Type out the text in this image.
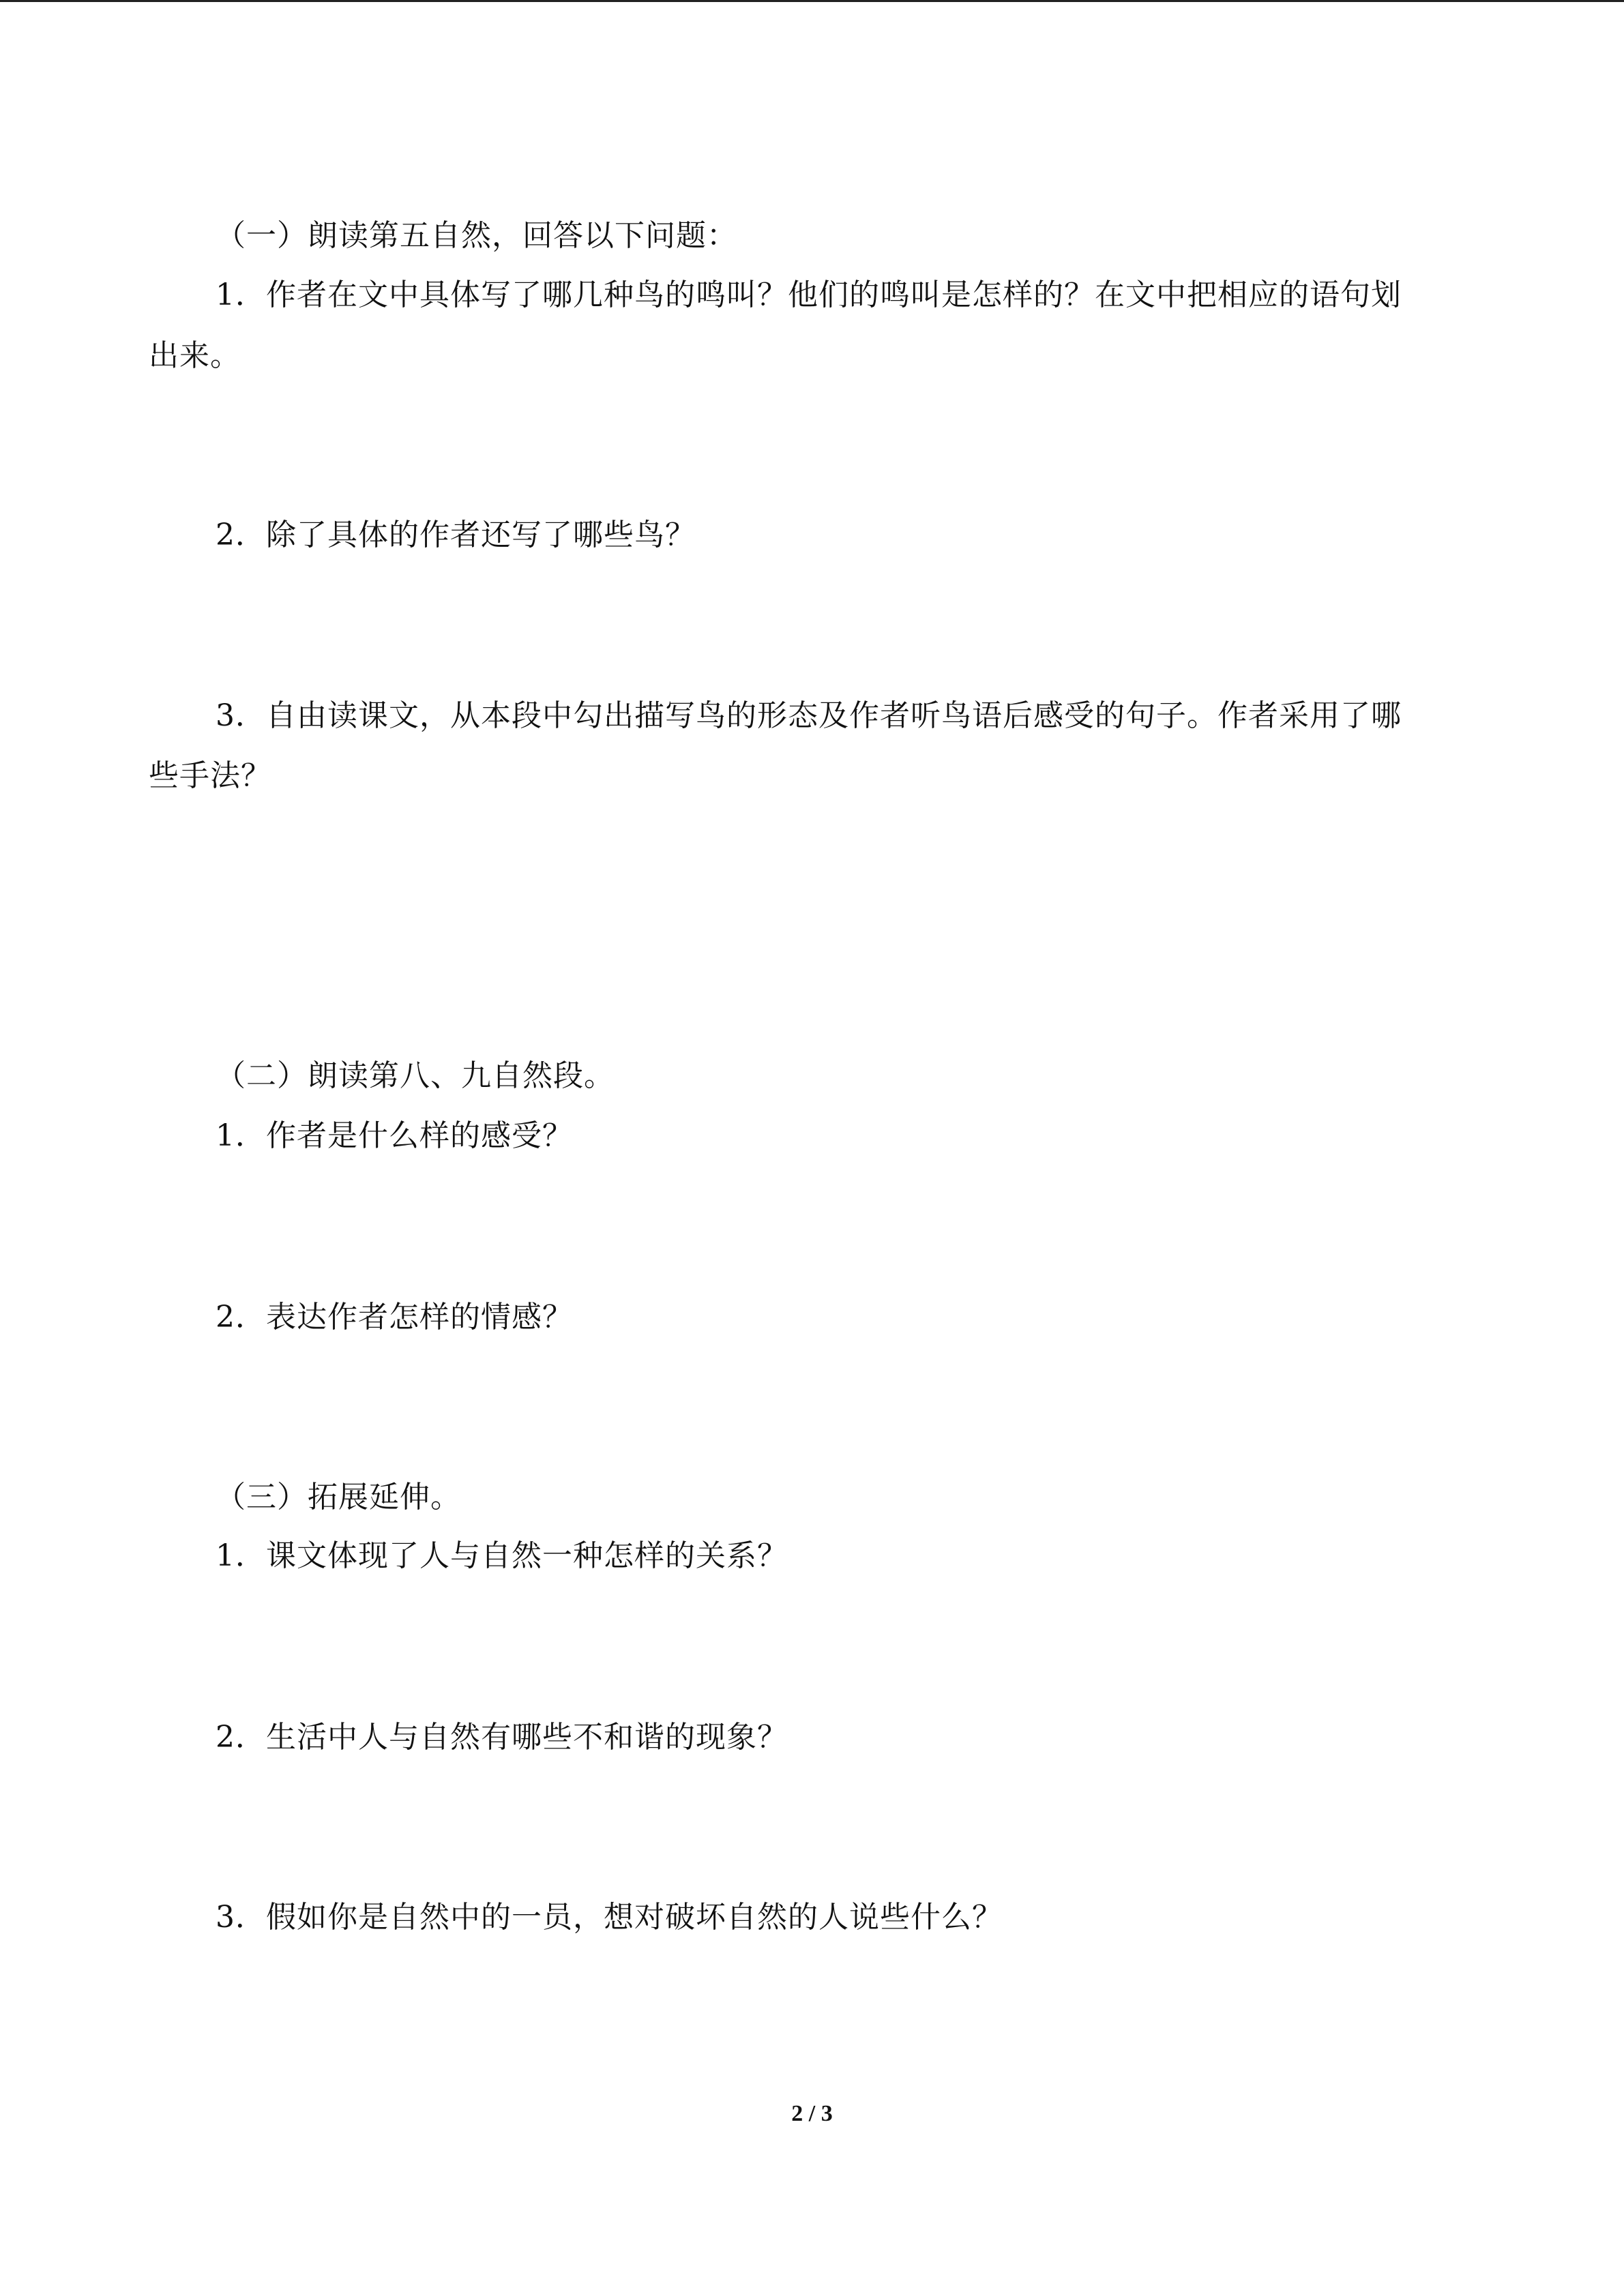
（一）朗读第五自然，回答以下问题：
1．作者在文中具体写了哪几种鸟的鸣叫？他们的鸣叫是怎样的？在文中把相应的语句划
出来。
2．除了具体的作者还写了哪些鸟？
3．自由读课文，从本段中勾出描写鸟的形态及作者听鸟语后感受的句子。作者采用了哪
些手法？
（二）朗读第八、九自然段。
1．作者是什么样的感受？
2．表达作者怎样的情感？
（三）拓展延伸。
1．课文体现了人与自然一种怎样的关系？
2．生活中人与自然有哪些不和谐的现象？
3．假如你是自然中的一员，想对破坏自然的人说些什么？
2 / 3
